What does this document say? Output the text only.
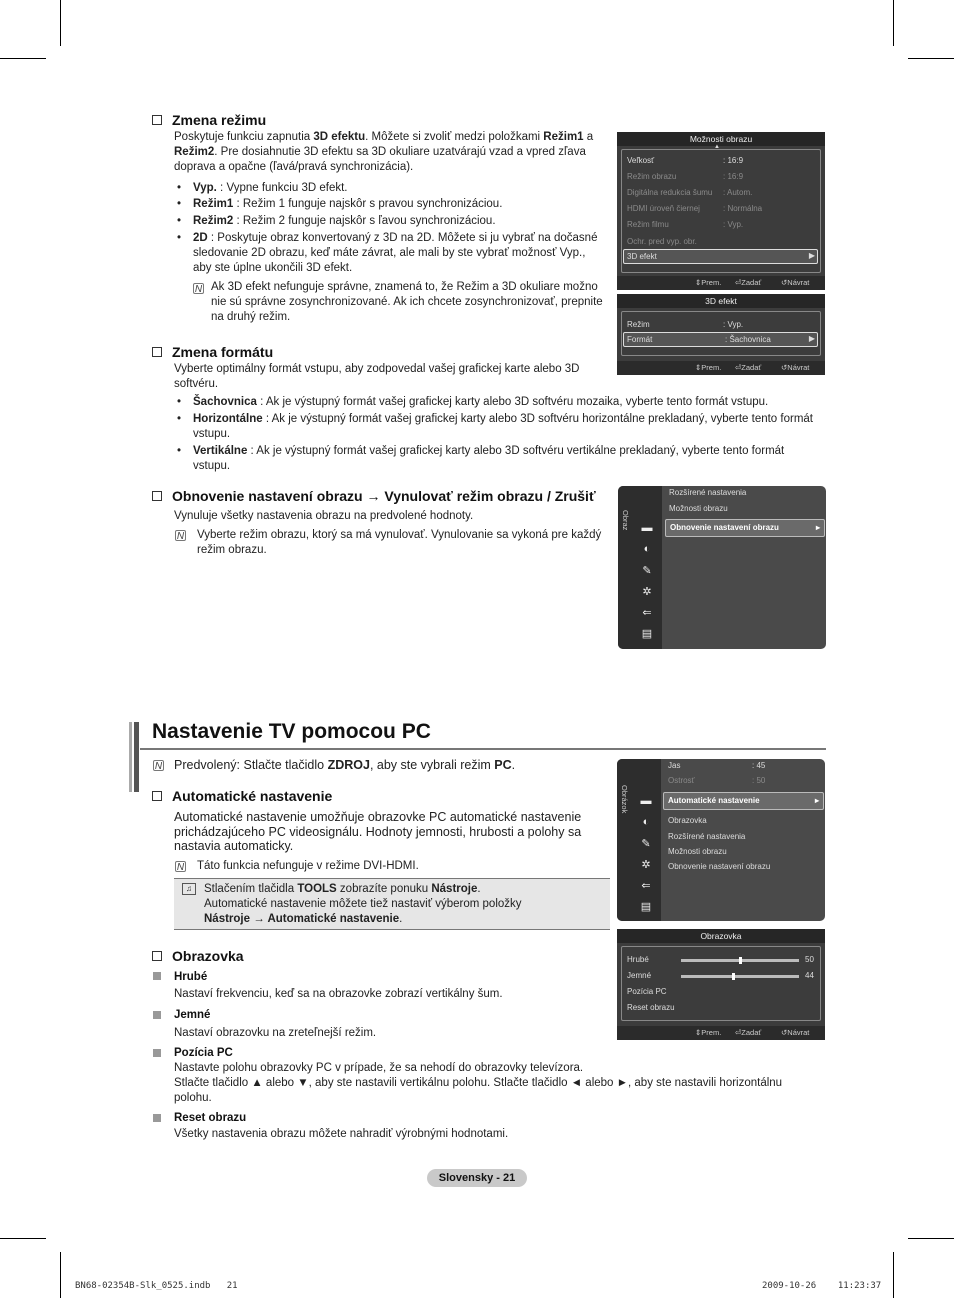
Zmena režimu
Poskytuje funkciu zapnutia 3D efektu. Môžete si zvoliť medzi položkami Režim1 a
Režim2. Pre dosiahnutie 3D efektu sa 3D okuliare uzatvárajú vzad a vpred zľava
doprava a opačne (ľavá/pravá synchronizácia).
• Vyp. : Vypne funkciu 3D efekt.
• Režim1 : Režim 1 funguje najskôr s pravou synchronizáciou.
• Režim2 : Režim 2 funguje najskôr s ľavou synchronizáciou.
• 2D : Poskytuje obraz konvertovaný z 3D na 2D. Môžete si ju vybrať na dočasné
sledovanie 2D obrazu, keď máte závrat, ale mali by ste vybrať možnosť Vyp.,
aby ste úplne ukončili 3D efekt.
N Ak 3D efekt nefunguje správne, znamená to, že Režim a 3D okuliare možno
nie sú správne zosynchronizované. Ak ich chcete zosynchronizovať, prepnite
na druhý režim.
Možnosti obrazu
▲
Veľkosť	: 16:9
Režim obrazu	: 16:9
Digitálna redukcia šumu : Autom.
HDMI úroveň čiernej	: Normálna
Režim filmu	: Vyp.
Ochr. pred vyp. obr.
3D efekt	▶
⇕ Prem. ⏎ Zadať	↺ Návrat
3D efekt
Režim	: Vyp.
Formát	: Šachovnica	▶
⇕ Prem. ⏎ Zadať	↺ Návrat
Zmena formátu
Vyberte optimálny formát vstupu, aby zodpovedal vašej grafickej karte alebo 3D
softvéru.
• Šachovnica : Ak je výstupný formát vašej grafickej karty alebo 3D softvéru mozaika, vyberte tento formát vstupu.
• Horizontálne : Ak je výstupný formát vašej grafickej karty alebo 3D softvéru horizontálne prekladaný, vyberte tento formát
vstupu.
• Vertikálne : Ak je výstupný formát vašej grafickej karty alebo 3D softvéru vertikálne prekladaný, vyberte tento formát
vstupu.
Obnovenie nastavení obrazu → Vynulovať režim obrazu / Zrušiť
Vynuluje všetky nastavenia obrazu na predvolené hodnoty.
N Vyberte režim obrazu, ktorý sa má vynulovať. Vynulovanie sa vykoná pre každý
režim obrazu.
Obraz ▬
◐
✎
✲
⇐
▤
Rozšírené nastavenia
Možnosti obrazu
Obnovenie nastavení obrazu	▸
Nastavenie TV pomocou PC
N Predvolený: Stlačte tlačidlo ZDROJ, aby ste vybrali režim PC.
Automatické nastavenie
Automatické nastavenie umožňuje obrazovke PC automatické nastavenie
prichádzajúceho PC videosignálu. Hodnoty jemnosti, hrubosti a polohy sa
nastavia automaticky.
N Táto funkcia nefunguje v režime DVI-HDMI.
♫	Stlačením tlačidla TOOLS zobrazíte ponuku Nástroje.
Automatické nastavenie môžete tiež nastaviť výberom položky
Nástroje → Automatické nastavenie.
Obrazovka
Hrubé
Nastaví frekvenciu, keď sa na obrazovke zobrazí vertikálny šum.
Jemné
Nastaví obrazovku na zreteľnejší režim.
Pozícia PC
Nastavte polohu obrazovky PC v prípade, že sa nehodí do obrazovky televízora.
Stlačte tlačidlo ▲ alebo ▼, aby ste nastavili vertikálnu polohu. Stlačte tlačidlo ◄ alebo ►, aby ste nastavili horizontálnu
polohu.
Reset obrazu
Všetky nastavenia obrazu môžete nahradiť výrobnými hodnotami.
Obrázok ▬
◐
✎
✲
⇐
▤
Jas	: 45
Ostrosť	: 50
Automatické nastavenie	▸
Obrazovka
Rozšírené nastavenia
Možnosti obrazu
Obnovenie nastavení obrazu
Obrazovka
Hrubé	50
Jemné	44
Pozícia PC
Reset obrazu
⇕ Prem. ⏎ Zadať	↺ Návrat
Slovensky - 21
BN68-02354B-Slk_0525.indb   21	2009-10-26    11:23:37
